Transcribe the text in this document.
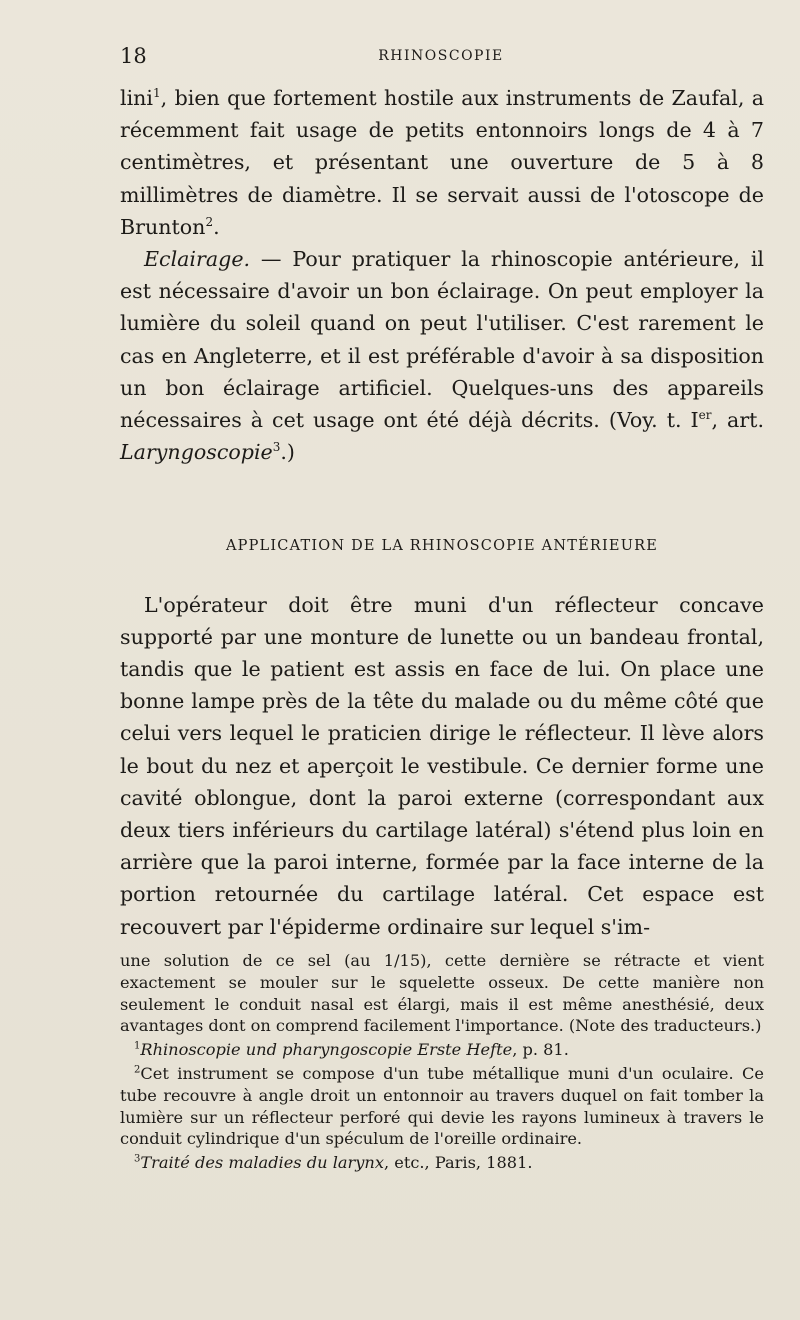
18	RHINOSCOPIE

lini$^1$, bien que fortement hostile aux instruments de Zaufal, a récemment fait usage de petits entonnoirs longs de 4 à 7 centimètres, et présentant une ouverture de 5 à 8 millimètres de diamètre. Il se servait aussi de l'otoscope de Brunton$^2$.

Eclairage. — Pour pratiquer la rhinoscopie antérieure, il est nécessaire d'avoir un bon éclairage. On peut employer la lumière du soleil quand on peut l'utiliser. C'est rarement le cas en Angleterre, et il est préférable d'avoir à sa disposition un bon éclairage artificiel. Quelques-uns des appareils nécessaires à cet usage ont été déjà décrits. (Voy. t. Ier, art. Laryngoscopie$^3$.)

APPLICATION DE LA RHINOSCOPIE ANTÉRIEURE

L'opérateur doit être muni d'un réflecteur concave supporté par une monture de lunette ou un bandeau frontal, tandis que le patient est assis en face de lui. On place une bonne lampe près de la tête du malade ou du même côté que celui vers lequel le praticien dirige le réflecteur. Il lève alors le bout du nez et aperçoit le vestibule. Ce dernier forme une cavité oblongue, dont la paroi externe (correspondant aux deux tiers inférieurs du cartilage latéral) s'étend plus loin en arrière que la paroi interne, formée par la face interne de la portion retournée du cartilage latéral. Cet espace est recouvert par l'épiderme ordinaire sur lequel s'im-

une solution de ce sel (au 1/15), cette dernière se rétracte et vient exactement se mouler sur le squelette osseux. De cette manière non seulement le conduit nasal est élargi, mais il est même anesthésié, deux avantages dont on comprend facilement l'importance. (Note des traducteurs.)

$^1$Rhinoscopie und pharyngoscopie Erste Hefte, p. 81.

$^2$Cet instrument se compose d'un tube métallique muni d'un oculaire. Ce tube recouvre à angle droit un entonnoir au travers duquel on fait tomber la lumière sur un réflecteur perforé qui devie les rayons lumineux à travers le conduit cylindrique d'un spéculum de l'oreille ordinaire.

$^3$Traité des maladies du larynx, etc., Paris, 1881.
